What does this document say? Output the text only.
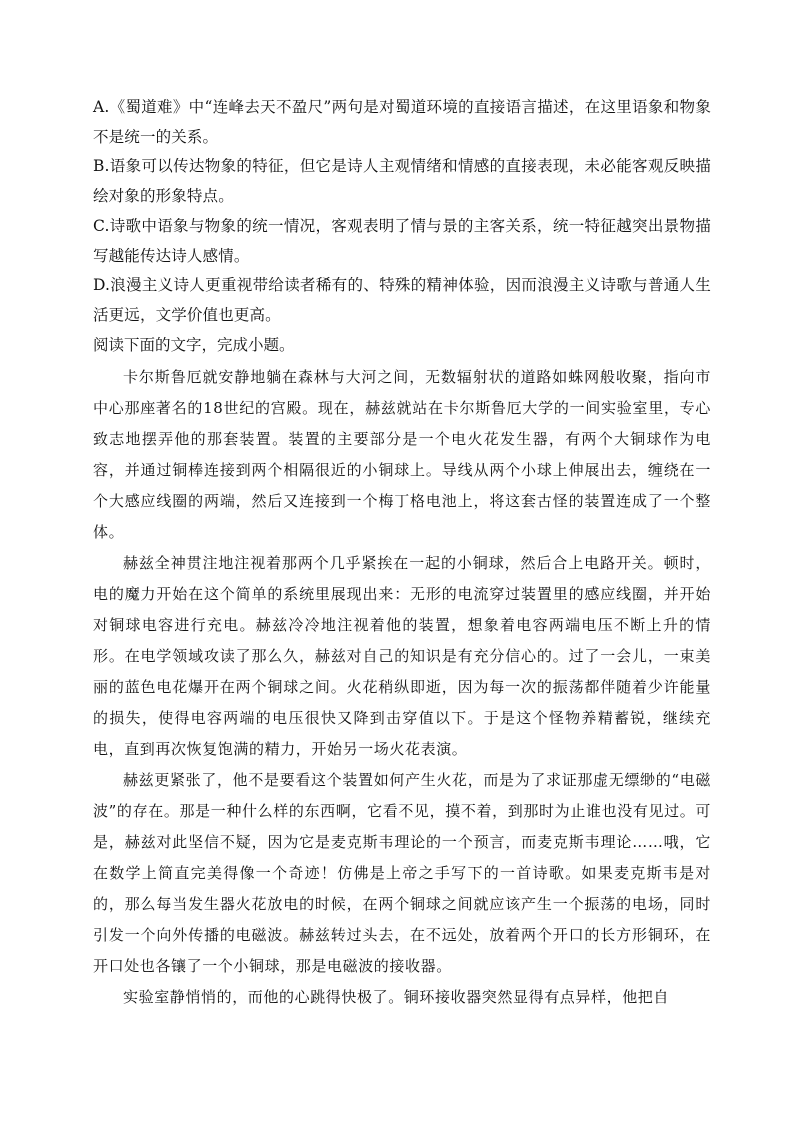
A.《蜀道难》中“连峰去天不盈尺”两句是对蜀道环境的直接语言描述，在这里语象和物象不是统一的关系。

B.语象可以传达物象的特征，但它是诗人主观情绪和情感的直接表现，未必能客观反映描绘对象的形象特点。

C.诗歌中语象与物象的统一情况，客观表明了情与景的主客关系，统一特征越突出景物描写越能传达诗人感情。

D.浪漫主义诗人更重视带给读者稀有的、特殊的精神体验，因而浪漫主义诗歌与普通人生活更远，文学价值也更高。

阅读下面的文字，完成小题。

卡尔斯鲁厄就安静地躺在森林与大河之间，无数辐射状的道路如蛛网般收聚，指向市中心那座著名的18世纪的宫殿。现在，赫兹就站在卡尔斯鲁厄大学的一间实验室里，专心致志地摆弄他的那套装置。装置的主要部分是一个电火花发生器，有两个大铜球作为电容，并通过铜棒连接到两个相隔很近的小铜球上。导线从两个小球上伸展出去，缠绕在一个大感应线圈的两端，然后又连接到一个梅丁格电池上，将这套古怪的装置连成了一个整体。

赫兹全神贯注地注视着那两个几乎紧挨在一起的小铜球，然后合上电路开关。顿时，电的魔力开始在这个简单的系统里展现出来：无形的电流穿过装置里的感应线圈，并开始对铜球电容进行充电。赫兹冷冷地注视着他的装置，想象着电容两端电压不断上升的情形。在电学领域攻读了那么久，赫兹对自己的知识是有充分信心的。过了一会儿，一束美丽的蓝色电花爆开在两个铜球之间。火花稍纵即逝，因为每一次的振荡都伴随着少许能量的损失，使得电容两端的电压很快又降到击穿值以下。于是这个怪物养精蓄锐，继续充电，直到再次恢复饱满的精力，开始另一场火花表演。

赫兹更紧张了，他不是要看这个装置如何产生火花，而是为了求证那虚无缥缈的“电磁波”的存在。那是一种什么样的东西啊，它看不见，摸不着，到那时为止谁也没有见过。可是，赫兹对此坚信不疑，因为它是麦克斯韦理论的一个预言，而麦克斯韦理论……哦，它在数学上简直完美得像一个奇迹！仿佛是上帝之手写下的一首诗歌。如果麦克斯韦是对的，那么每当发生器火花放电的时候，在两个铜球之间就应该产生一个振荡的电场，同时引发一个向外传播的电磁波。赫兹转过头去，在不远处，放着两个开口的长方形铜环，在开口处也各镶了一个小铜球，那是电磁波的接收器。

实验室静悄悄的，而他的心跳得快极了。铜环接收器突然显得有点异样，他把自
